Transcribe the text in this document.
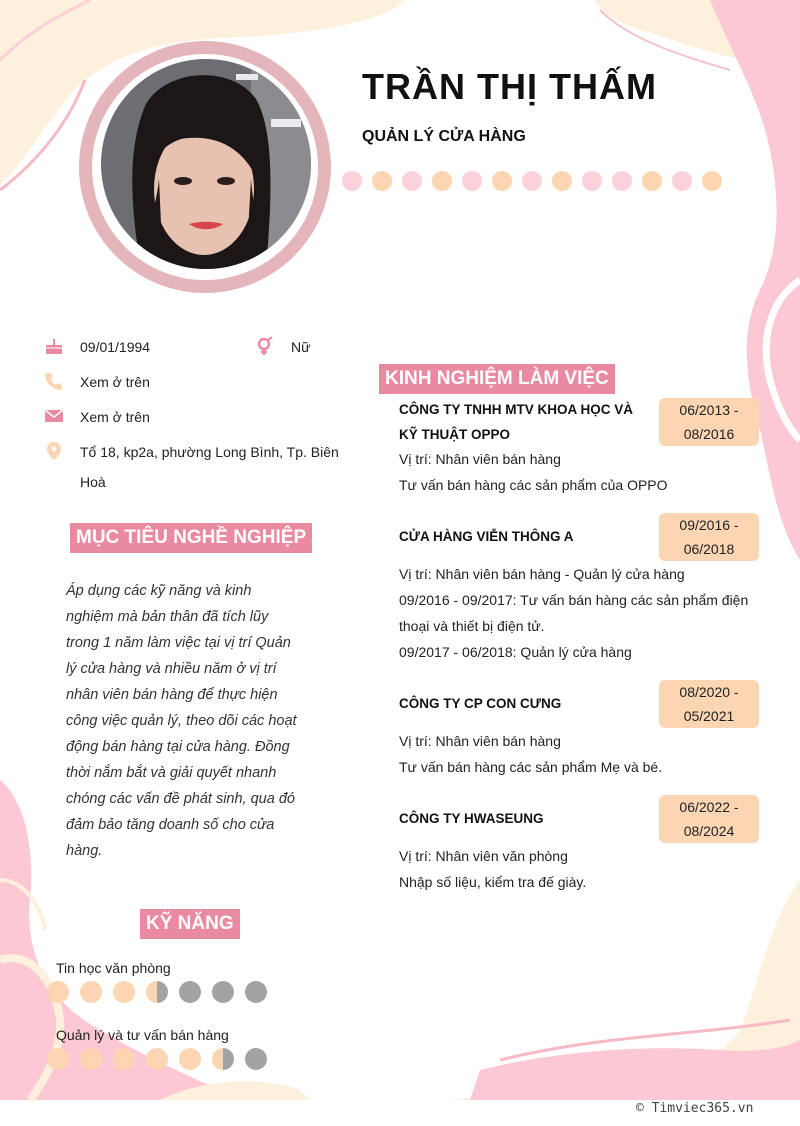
TRẦN THỊ THẤM
QUẢN LÝ CỬA HÀNG
09/01/1994	Nữ
Xem ở trên
Xem ở trên
Tổ 18, kp2a, phường Long Bình, Tp. Biên
Hoà
MỤC TIÊU NGHỀ NGHIỆP
Áp dụng các kỹ năng và kinh
nghiệm mà bản thân đã tích lũy
trong 1 năm làm việc tại vị trí Quản
lý cửa hàng và nhiều năm ở vị trí
nhân viên bán hàng để thực hiện
công việc quản lý, theo dõi các hoạt
động bán hàng tại cửa hàng. Đồng
thời nắm bắt và giải quyết nhanh
chóng các vấn đề phát sinh, qua đó
đảm bảo tăng doanh số cho cửa
hàng.
KỸ NĂNG
Tin học văn phòng
Quản lý và tư vấn bán hàng
KINH NGHIỆM LÀM VIỆC
CÔNG TY TNHH MTV KHOA HỌC VÀ
KỸ THUẬT OPPO
06/2013 -
08/2016
Vị trí: Nhân viên bán hàng
Tư vấn bán hàng các sản phẩm của OPPO
CỬA HÀNG VIỄN THÔNG A
09/2016 -
06/2018
Vị trí: Nhân viên bán hàng - Quản lý cửa hàng
09/2016 - 09/2017: Tư vấn bán hàng các sản phẩm điện
thoại và thiết bị điện tử.
09/2017 - 06/2018: Quản lý cửa hàng
CÔNG TY CP CON CƯNG
08/2020 -
05/2021
Vị trí: Nhân viên bán hàng
Tư vấn bán hàng các sản phẩm Mẹ và bé.
CÔNG TY HWASEUNG
06/2022 -
08/2024
Vị trí: Nhân viên văn phòng
Nhập số liệu, kiểm tra đế giày.
© Timviec365.vn
